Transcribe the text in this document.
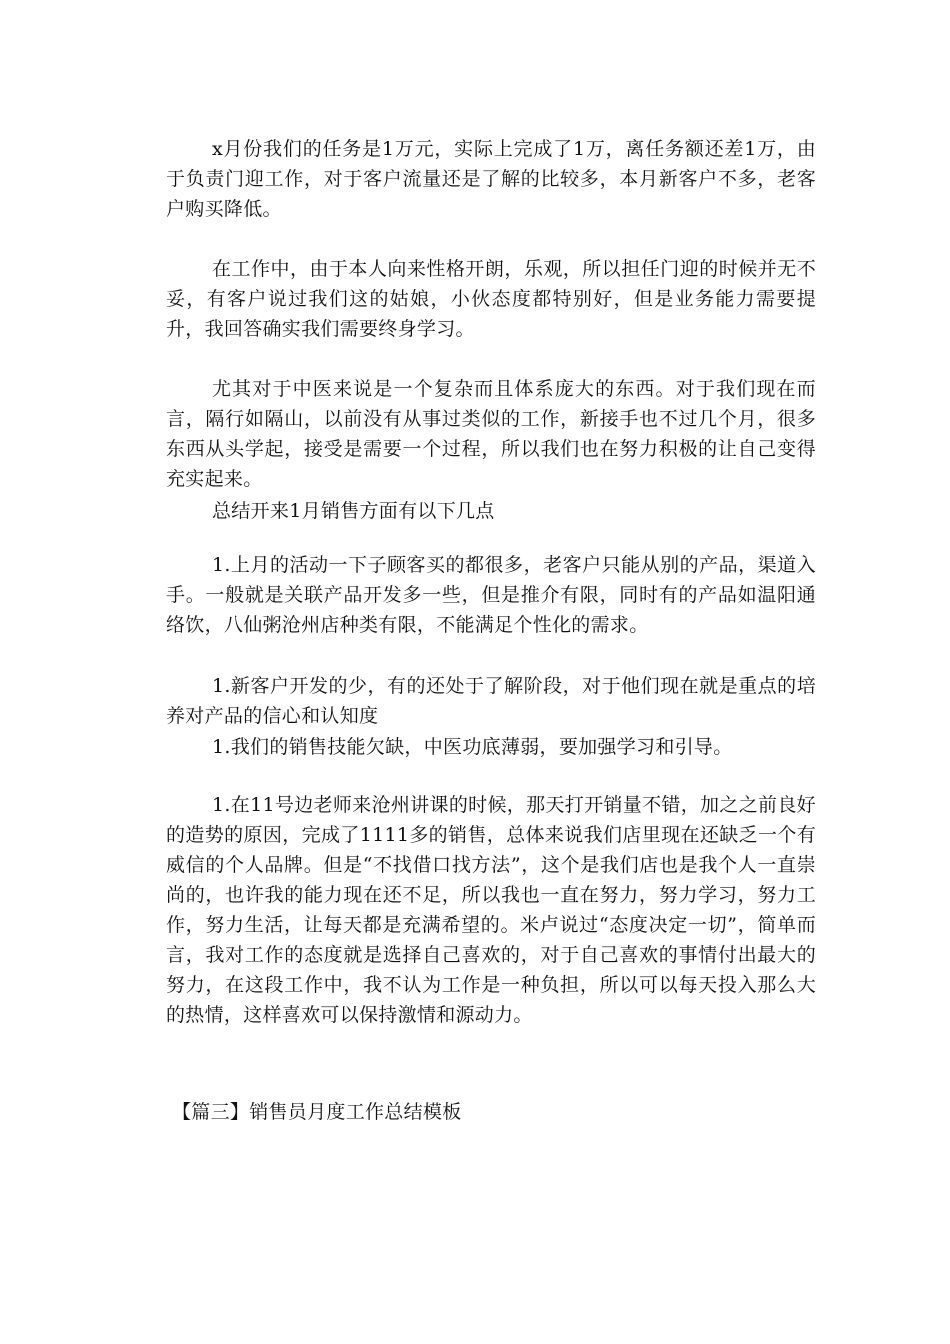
x月份我们的任务是1万元，实际上完成了1万，离任务额还差1万，由于负责门迎工作，对于客户流量还是了解的比较多，本月新客户不多，老客户购买降低。

在工作中，由于本人向来性格开朗，乐观，所以担任门迎的时候并无不妥，有客户说过我们这的姑娘，小伙态度都特别好，但是业务能力需要提升，我回答确实我们需要终身学习。

尤其对于中医来说是一个复杂而且体系庞大的东西。对于我们现在而言，隔行如隔山，以前没有从事过类似的工作，新接手也不过几个月，很多东西从头学起，接受是需要一个过程，所以我们也在努力积极的让自己变得充实起来。

总结开来1月销售方面有以下几点

1.上月的活动一下子顾客买的都很多，老客户只能从别的产品，渠道入手。一般就是关联产品开发多一些，但是推介有限，同时有的产品如温阳通络饮，八仙粥沧州店种类有限，不能满足个性化的需求。

1.新客户开发的少，有的还处于了解阶段，对于他们现在就是重点的培养对产品的信心和认知度

1.我们的销售技能欠缺，中医功底薄弱，要加强学习和引导。

1.在11号边老师来沧州讲课的时候，那天打开销量不错，加之之前良好的造势的原因，完成了1111多的销售，总体来说我们店里现在还缺乏一个有威信的个人品牌。但是“不找借口找方法”，这个是我们店也是我个人一直崇尚的，也许我的能力现在还不足，所以我也一直在努力，努力学习，努力工作，努力生活，让每天都是充满希望的。米卢说过“态度决定一切”，简单而言，我对工作的态度就是选择自己喜欢的，对于自己喜欢的事情付出最大的努力，在这段工作中，我不认为工作是一种负担，所以可以每天投入那么大的热情，这样喜欢可以保持激情和源动力。

【篇三】销售员月度工作总结模板
